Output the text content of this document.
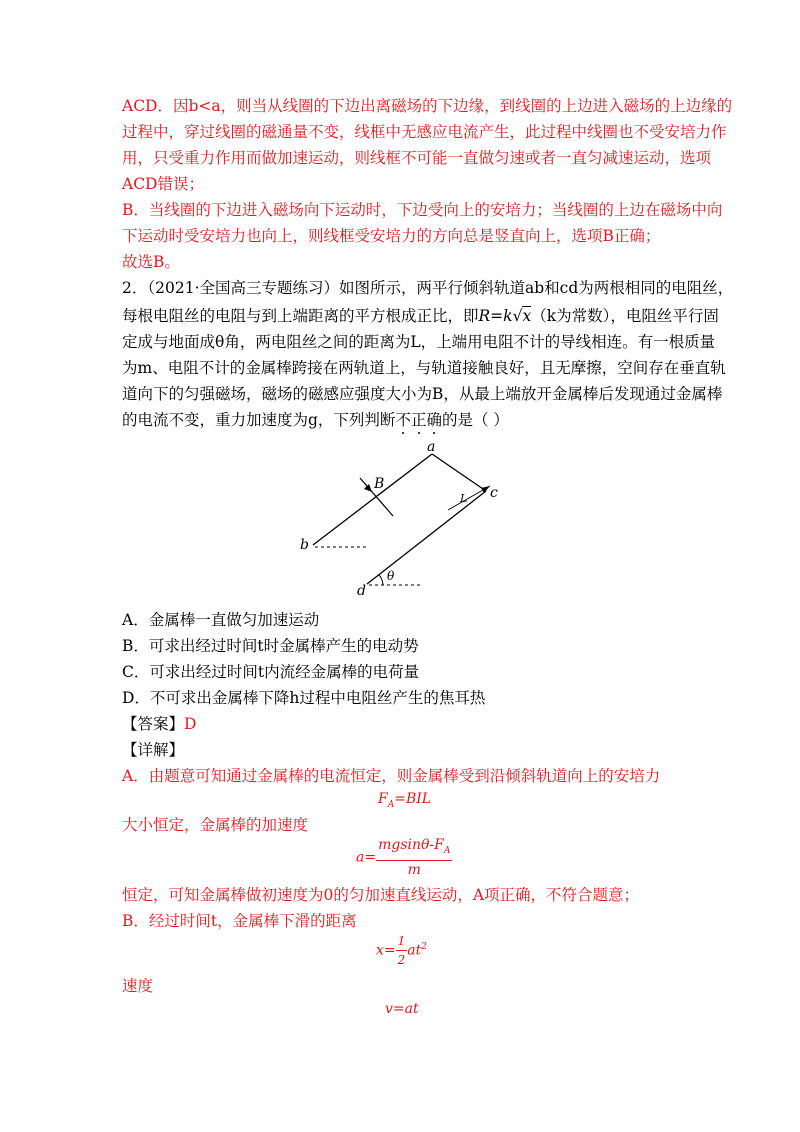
ACD．因b<a，则当从线圈的下边出离磁场的下边缘，到线圈的上边进入磁场的上边缘的
过程中，穿过线圈的磁通量不变，线框中无感应电流产生，此过程中线圈也不受安培力作
用，只受重力作用而做加速运动，则线框不可能一直做匀速或者一直匀减速运动，选项
ACD错误；
B．当线圈的下边进入磁场向下运动时，下边受向上的安培力；当线圈的上边在磁场中向
下运动时受安培力也向上，则线框受安培力的方向总是竖直向上，选项B正确；
故选B。
2．（2021·全国高三专题练习）如图所示，两平行倾斜轨道ab和cd为两根相同的电阻丝，
每根电阻丝的电阻与到上端距离的平方根成正比，即R=k√x（k为常数），电阻丝平行固
定成与地面成θ角，两电阻丝之间的距离为L，上端用电阻不计的导线相连。有一根质量
为m、电阻不计的金属棒跨接在两轨道上，与轨道接触良好，且无摩擦，空间存在垂直轨
道向下的匀强磁场，磁场的磁感应强度大小为B，从最上端放开金属棒后发现通过金属棒
的电流不变，重力加速度为g，下列判断不正确的是（ ）
a
b
c
d
B
L
θ
A．金属棒一直做匀加速运动
B．可求出经过时间t时金属棒产生的电动势
C．可求出经过时间t内流经金属棒的电荷量
D．不可求出金属棒下降h过程中电阻丝产生的焦耳热
【答案】D
【详解】
A．由题意可知通过金属棒的电流恒定，则金属棒受到沿倾斜轨道向上的安培力
$F_A=BIL$
大小恒定，金属棒的加速度
$a= \frac{mgsin\theta-F_A}{m}$
恒定，可知金属棒做初速度为0的匀加速直线运动，A项正确，不符合题意；
B．经过时间t，金属棒下滑的距离
$x= \frac{1}{2} at^2$
速度
v=at
